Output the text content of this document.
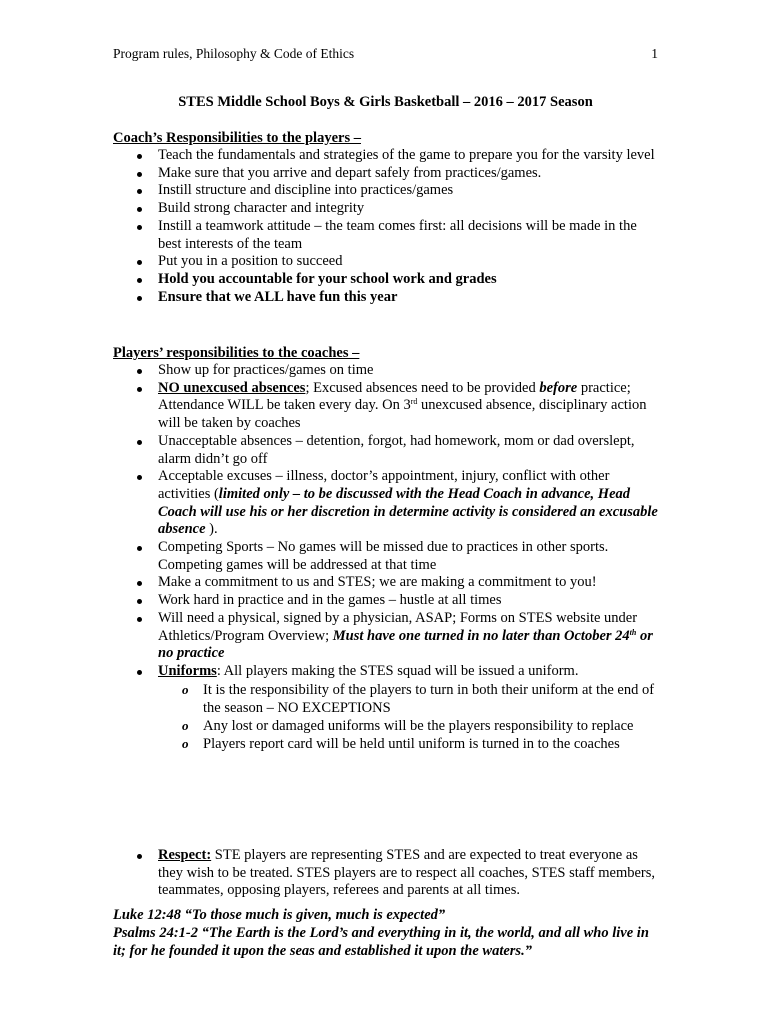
Program rules, Philosophy & Code of Ethics	1
STES Middle School Boys & Girls Basketball – 2016 – 2017 Season
Coach’s Responsibilities to the players –
Teach the fundamentals and strategies of the game to prepare you for the varsity level
Make sure that you arrive and depart safely from practices/games.
Instill structure and discipline into practices/games
Build strong character and integrity
Instill a teamwork attitude – the team comes first: all decisions will be made in the best interests of the team
Put you in a position to succeed
Hold you accountable for your school work and grades
Ensure that we ALL have fun this year
Players’ responsibilities to the coaches –
Show up for practices/games on time
NO unexcused absences; Excused absences need to be provided before practice; Attendance WILL be taken every day. On 3rd unexcused absence, disciplinary action will be taken by coaches
Unacceptable absences – detention, forgot, had homework, mom or dad overslept, alarm didn’t go off
Acceptable excuses – illness, doctor’s appointment, injury, conflict with other activities (limited only – to be discussed with the Head Coach in advance, Head Coach will use his or her discretion in determine activity is considered an excusable absence ).
Competing Sports – No games will be missed due to practices in other sports. Competing games will be addressed at that time
Make a commitment to us and STES; we are making a commitment to you!
Work hard in practice and in the games – hustle at all times
Will need a physical, signed by a physician, ASAP; Forms on STES website under Athletics/Program Overview; Must have one turned in no later than October 24th or no practice
Uniforms: All players making the STES squad will be issued a uniform.
o It is the responsibility of the players to turn in both their uniform at the end of the season – NO EXCEPTIONS
o Any lost or damaged uniforms will be the players responsibility to replace
o Players report card will be held until uniform is turned in to the coaches
Respect: STE players are representing STES and are expected to treat everyone as they wish to be treated. STES players are to respect all coaches, STES staff members, teammates, opposing players, referees and parents at all times.
Luke 12:48 “To those much is given, much is expected”
Psalms 24:1-2 “The Earth is the Lord’s and everything in it, the world, and all who live in it; for he founded it upon the seas and established it upon the waters.”
